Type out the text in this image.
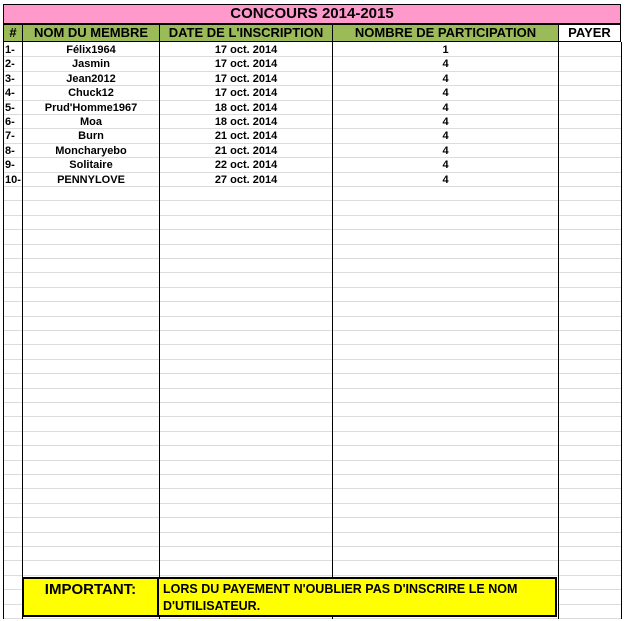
CONCOURS 2014-2015
#	NOM DU MEMBRE	DATE DE L'INSCRIPTION	NOMBRE DE PARTICIPATION	PAYER
1-	Félix1964	17 oct. 2014	1
2-	Jasmin	17 oct. 2014	4
3-	Jean2012	17 oct. 2014	4
4-	Chuck12	17 oct. 2014	4
5-	Prud'Homme1967	18 oct. 2014	4
6-	Moa	18 oct. 2014	4
7-	Burn	21 oct. 2014	4
8-	Moncharyebo	21 oct. 2014	4
9-	Solitaire	22 oct. 2014	4
10-	PENNYLOVE	27 oct. 2014	4
IMPORTANT:	LORS DU PAYEMENT N'OUBLIER PAS D'INSCRIRE LE NOM
D'UTILISATEUR.
